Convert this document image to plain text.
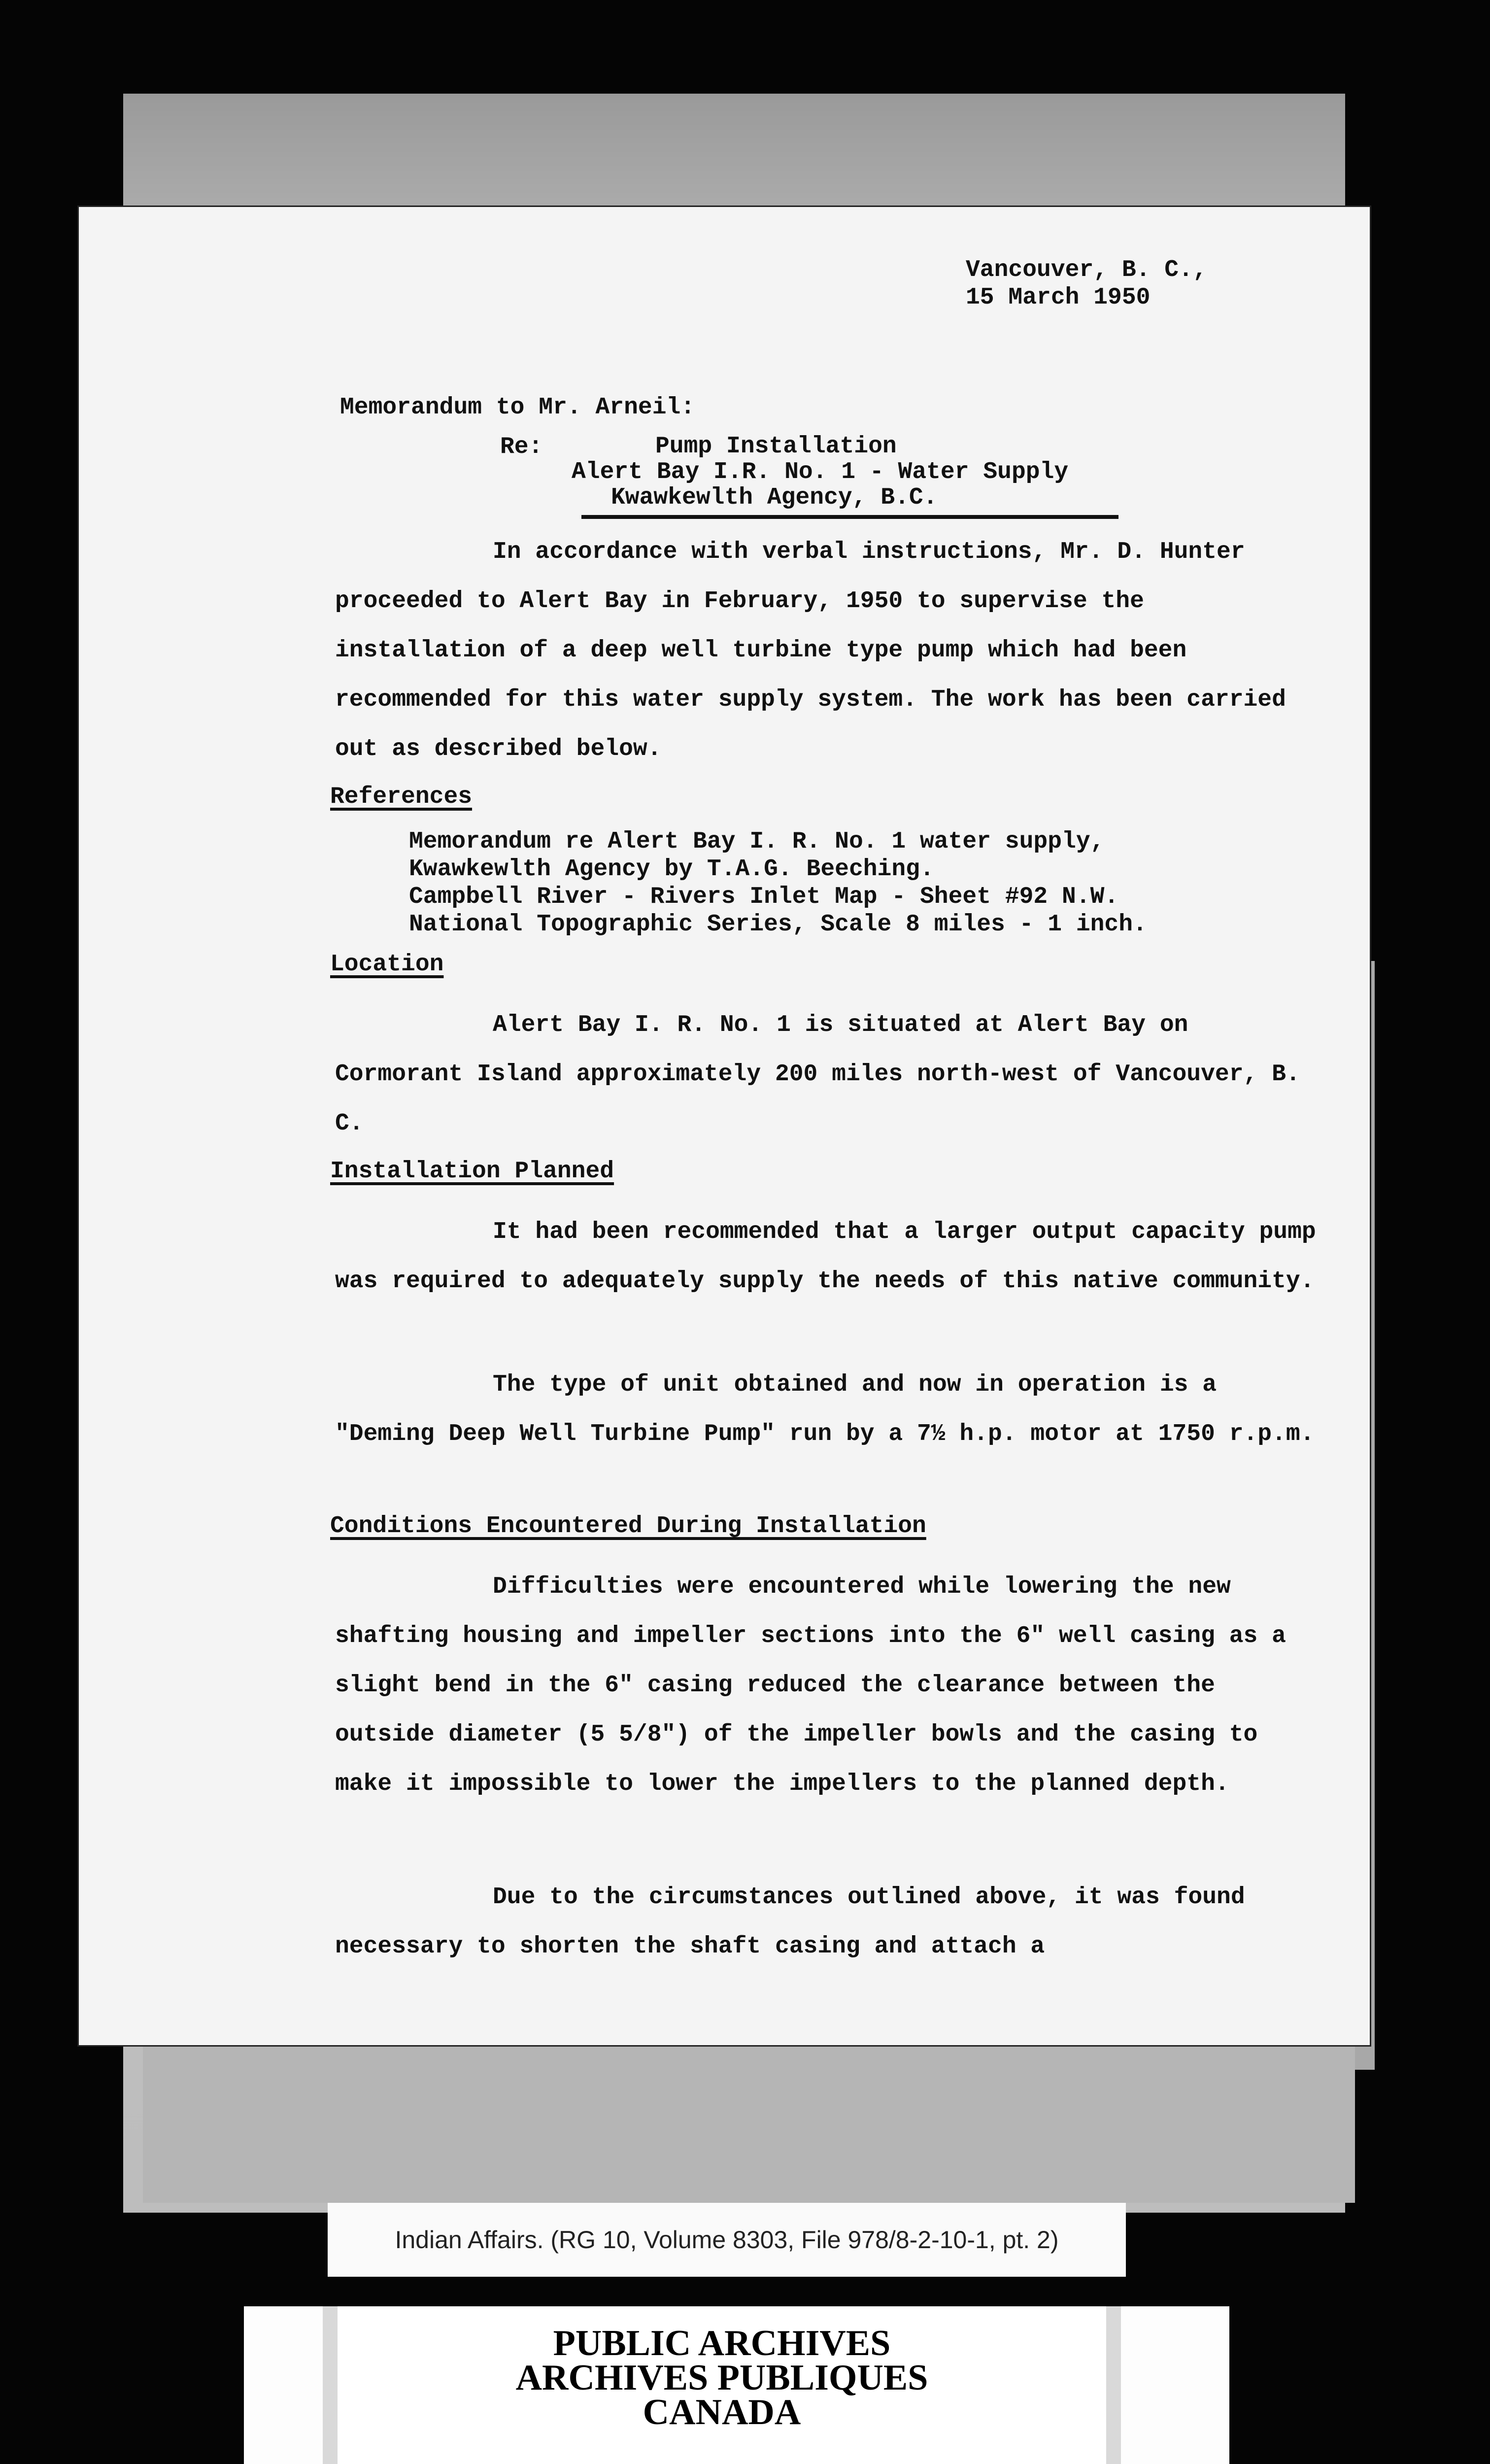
Vancouver, B. C.,
15 March 1950
Memorandum to Mr. Arneil:
Re:	Pump Installation
Alert Bay I.R. No. 1 - Water Supply
Kwawkewlth Agency, B.C.
In accordance with verbal instructions, Mr. D. Hunter proceeded to Alert Bay in February, 1950 to supervise the installation of a deep well turbine type pump which had been recommended for this water supply system. The work has been carried out as described below.
References
Memorandum re Alert Bay I. R. No. 1 water supply,
Kwawkewlth Agency by T.A.G. Beeching.
Campbell River - Rivers Inlet Map - Sheet #92 N.W.
National Topographic Series, Scale 8 miles - 1 inch.
Location
Alert Bay I. R. No. 1 is situated at Alert Bay on Cormorant Island approximately 200 miles north-west of Vancouver, B. C.
Installation Planned
It had been recommended that a larger output capacity pump was required to adequately supply the needs of this native community.
The type of unit obtained and now in operation is a "Deming Deep Well Turbine Pump" run by a 7½ h.p. motor at 1750 r.p.m.
Conditions Encountered During Installation
Difficulties were encountered while lowering the new shafting housing and impeller sections into the 6" well casing as a slight bend in the 6" casing reduced the clearance between the outside diameter (5 5/8") of the impeller bowls and the casing to make it impossible to lower the impellers to the planned depth.
Due to the circumstances outlined above, it was found necessary to shorten the shaft casing and attach a
Indian Affairs. (RG 10, Volume 8303, File 978/8-2-10-1, pt. 2)
PUBLIC ARCHIVES
ARCHIVES PUBLIQUES
CANADA
